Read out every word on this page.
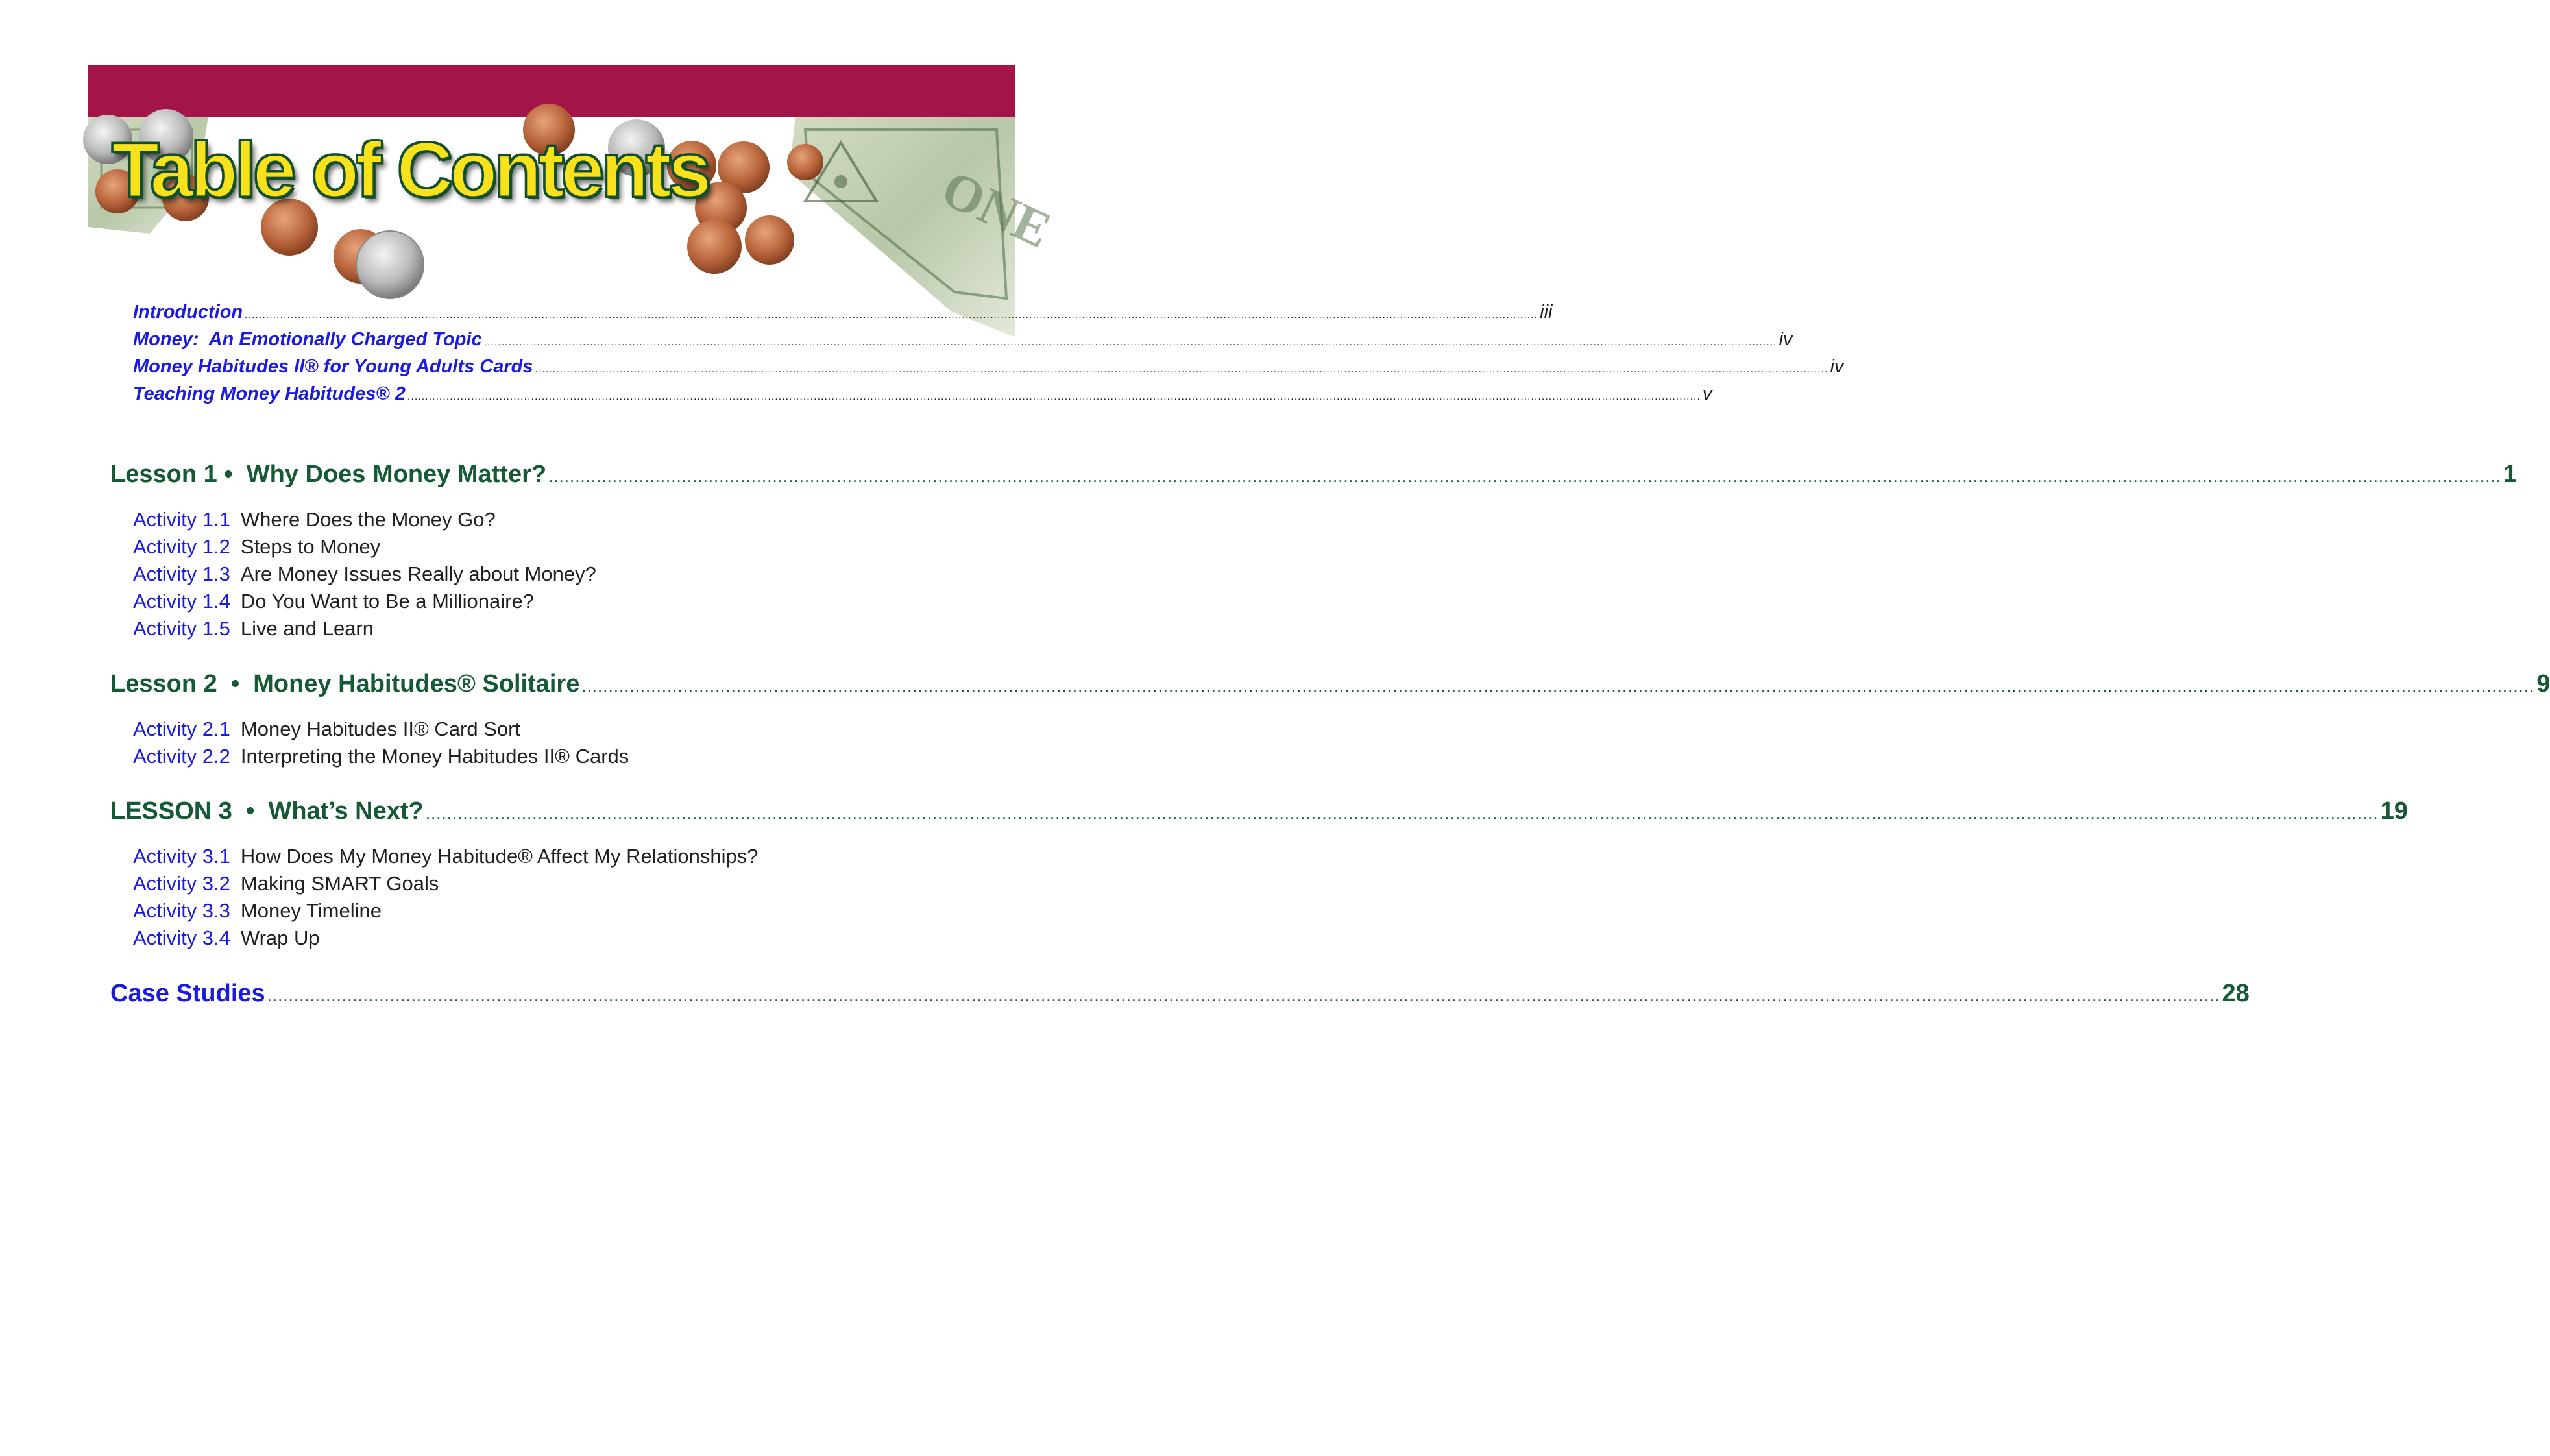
ONE
Table of Contents
Introduction .....	iii
Money:  An Emotionally Charged Topic .....	iv
Money Habitudes II® for Young Adults Cards .....	iv
Teaching Money Habitudes® 2 .....	v
Lesson 1 •  Why Does Money Matter? .....	1
Activity 1.1 Where Does the Money Go?
Activity 1.2 Steps to Money
Activity 1.3 Are Money Issues Really about Money?
Activity 1.4 Do You Want to Be a Millionaire?
Activity 1.5 Live and Learn
Lesson 2  •  Money Habitudes® Solitaire .....	9
Activity 2.1 Money Habitudes II® Card Sort
Activity 2.2 Interpreting the Money Habitudes II® Cards
LESSON 3  •  What’s Next? .....	19
Activity 3.1 How Does My Money Habitude® Affect My Relationships?
Activity 3.2 Making SMART Goals
Activity 3.3 Money Timeline
Activity 3.4 Wrap Up
Case Studies .....	28
